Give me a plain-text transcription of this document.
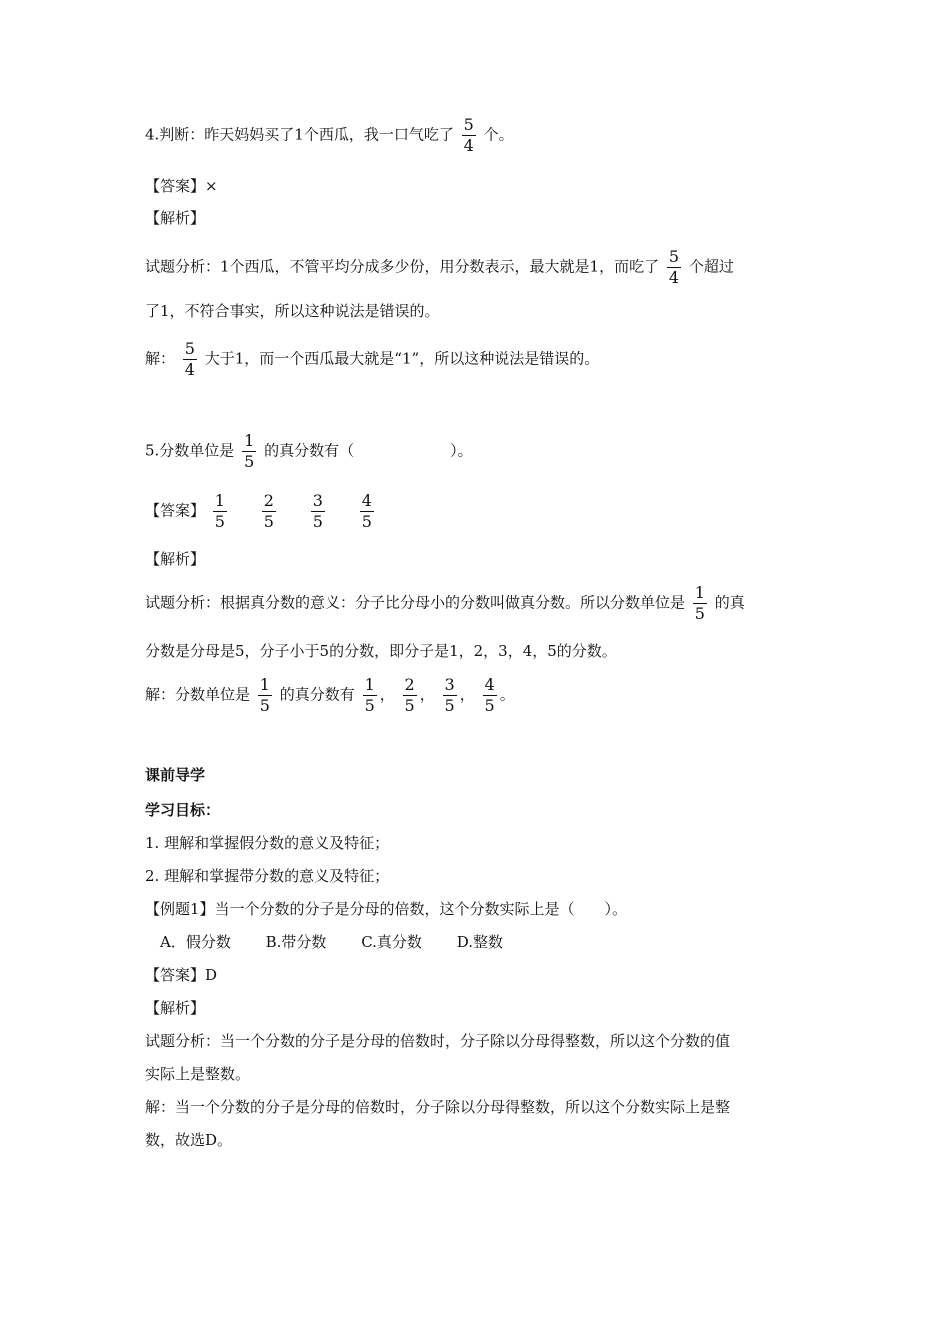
4.判断：昨天妈妈买了1个西瓜，我一口气吃了 $\frac{5}{4}$ 个。
【答案】×
【解析】
试题分析：1个西瓜，不管平均分成多少份，用分数表示，最大就是1，而吃了 $\frac{5}{4}$ 个超过
了1，不符合事实，所以这种说法是错误的。
解： $\frac{5}{4}$ 大于1，而一个西瓜最大就是“1”，所以这种说法是错误的。
5.分数单位是 $\frac{1}{5}$ 的真分数有（	）。
【答案】 $\frac{1}{5}$
$\frac{2}{5}$
$\frac{3}{5}$
$\frac{4}{5}$
【解析】
试题分析：根据真分数的意义：分子比分母小的分数叫做真分数。所以分数单位是 $\frac{1}{5}$ 的真
分数是分母是5，分子小于5的分数，即分子是1，2，3，4，5的分数。
解：分数单位是 $\frac{1}{5}$ 的真分数有 $\frac{1}{5}$ ， $\frac{2}{5}$ ， $\frac{3}{5}$ ， $\frac{4}{5}$ 。
课前导学
学习目标：
1. 理解和掌握假分数的意义及特征；
2. 理解和掌握带分数的意义及特征；
【例题1】当一个分数的分子是分母的倍数，这个分数实际上是（　　）。
A．假分数 B.带分数 C.真分数 D.整数
【答案】D
【解析】
试题分析：当一个分数的分子是分母的倍数时，分子除以分母得整数，所以这个分数的值
实际上是整数。
解：当一个分数的分子是分母的倍数时，分子除以分母得整数，所以这个分数实际上是整
数，故选D。
